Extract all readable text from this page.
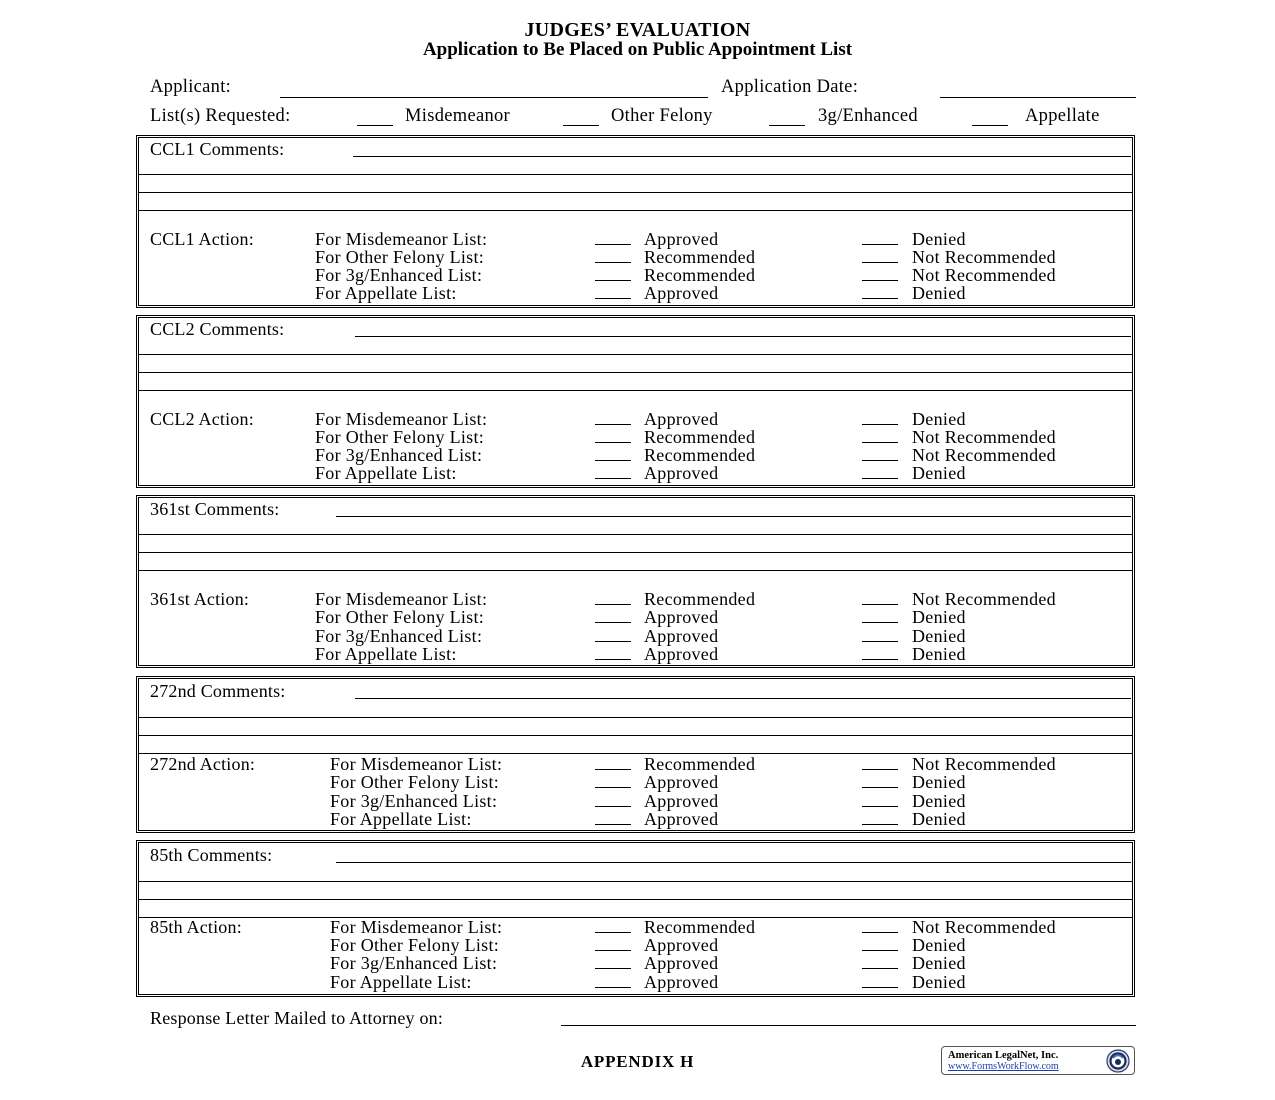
JUDGES’ EVALUATION
Application to Be Placed on Public Appointment List
Applicant:	Application Date:
List(s) Requested:	Misdemeanor	Other Felony	3g/Enhanced	Appellate
CCL1 Comments:
CCL1 Action:	For Misdemeanor List:	Approved	Denied
For Other Felony List:	Recommended	Not Recommended
For 3g/Enhanced List:	Recommended	Not Recommended
For Appellate List:	Approved	Denied
CCL2 Comments:
CCL2 Action:	For Misdemeanor List:	Approved	Denied
For Other Felony List:	Recommended	Not Recommended
For 3g/Enhanced List:	Recommended	Not Recommended
For Appellate List:	Approved	Denied
361st Comments:
361st Action:	For Misdemeanor List:	Recommended	Not Recommended
For Other Felony List:	Approved	Denied
For 3g/Enhanced List:	Approved	Denied
For Appellate List:	Approved	Denied
272nd Comments:
272nd Action:	For Misdemeanor List:	Recommended	Not Recommended
For Other Felony List:	Approved	Denied
For 3g/Enhanced List:	Approved	Denied
For Appellate List:	Approved	Denied
85th Comments:
85th Action:	For Misdemeanor List:	Recommended	Not Recommended
For Other Felony List:	Approved	Denied
For 3g/Enhanced List:	Approved	Denied
For Appellate List:	Approved	Denied
Response Letter Mailed to Attorney on:
APPENDIX H	American LegalNet, Inc.
www.FormsWorkFlow.com
